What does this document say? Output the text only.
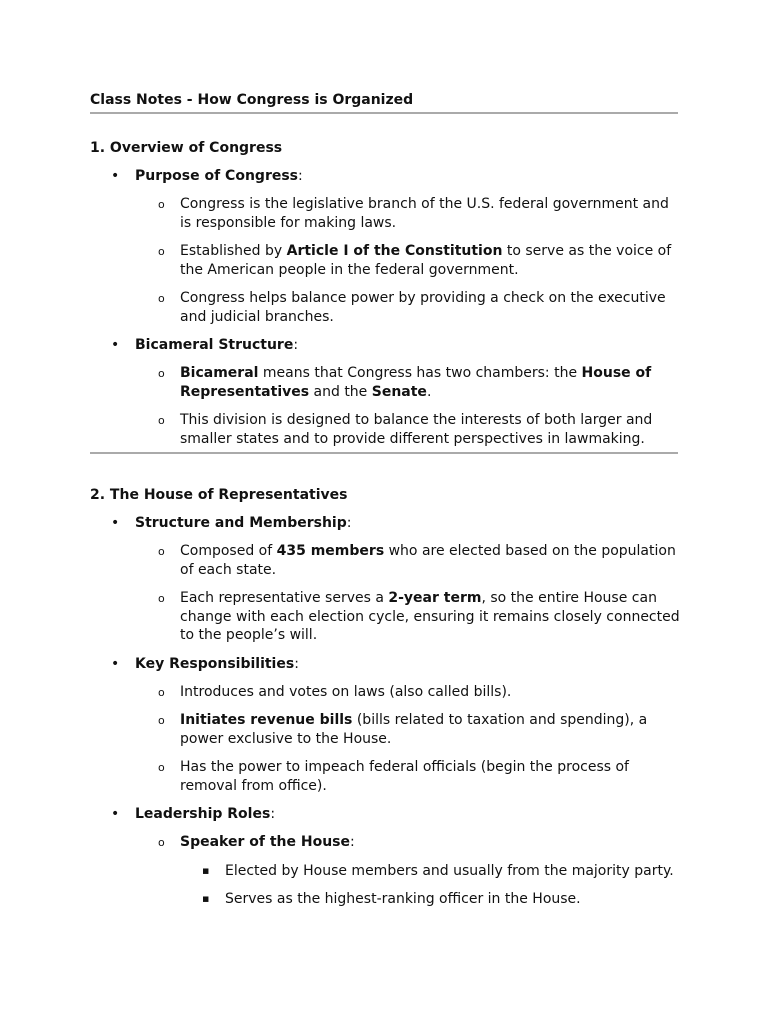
Class Notes - How Congress is Organized
1. Overview of Congress
• Purpose of Congress:
o Congress is the legislative branch of the U.S. federal government and is responsible for making laws.
o Established by Article I of the Constitution to serve as the voice of the American people in the federal government.
o Congress helps balance power by providing a check on the executive and judicial branches.
• Bicameral Structure:
o Bicameral means that Congress has two chambers: the House of Representatives and the Senate.
o This division is designed to balance the interests of both larger and smaller states and to provide different perspectives in lawmaking.
2. The House of Representatives
• Structure and Membership:
o Composed of 435 members who are elected based on the population of each state.
o Each representative serves a 2-year term, so the entire House can change with each election cycle, ensuring it remains closely connected to the people’s will.
• Key Responsibilities:
o Introduces and votes on laws (also called bills).
o Initiates revenue bills (bills related to taxation and spending), a power exclusive to the House.
o Has the power to impeach federal officials (begin the process of removal from office).
• Leadership Roles:
o Speaker of the House:
▪ Elected by House members and usually from the majority party.
▪ Serves as the highest-ranking officer in the House.
